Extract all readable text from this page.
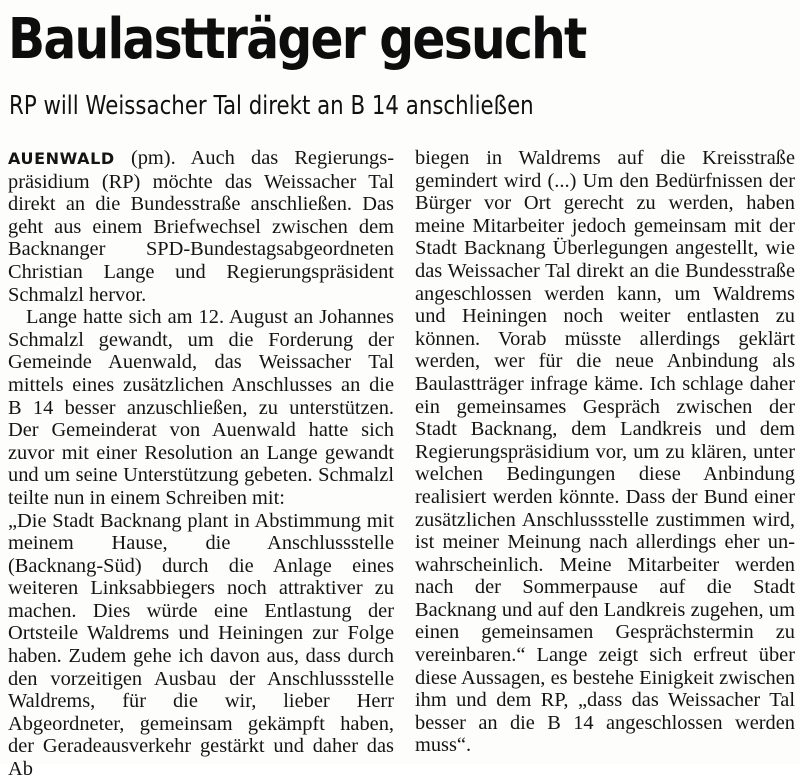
Baulastträger gesucht
RP will Weissacher Tal direkt an B 14 anschließen

AUENWALD (pm). Auch das Regierungspräsidium (RP) möchte das Weissacher Tal direkt an die Bundesstraße anschließen. Das geht aus einem Briefwechsel zwischen dem Backnanger SPD-Bundestagsabgeordneten Christian Lange und Regierungspräsident Schmalzl hervor.

Lange hatte sich am 12. August an Johannes Schmalzl gewandt, um die Forderung der Gemeinde Auenwald, das Weissacher Tal mittels eines zusätzlichen Anschlusses an die B 14 besser anzuschließen, zu unterstützen. Der Gemeinderat von Auenwald hatte sich zuvor mit einer Resolution an Lange gewandt und um seine Unterstützung gebeten. Schmalzl teilte nun in einem Schreiben mit:

„Die Stadt Backnang plant in Abstimmung mit meinem Hause, die Anschlussstelle (Backnang-Süd) durch die Anlage eines weiteren Linksabbiegers noch attraktiver zu machen. Dies würde eine Entlastung der Ortsteile Waldrems und Heiningen zur Folge haben. Zudem gehe ich davon aus, dass durch den vorzeitigen Ausbau der Anschlussstelle Waldrems, für die wir, lieber Herr Abgeordneter, gemeinsam gekämpft haben, der Geradeausverkehr gestärkt und daher das Ab

biegen in Waldrems auf die Kreisstraße gemindert wird (...) Um den Bedürfnissen der Bürger vor Ort gerecht zu werden, haben meine Mitarbeiter jedoch gemeinsam mit der Stadt Backnang Überlegungen angestellt, wie das Weissacher Tal direkt an die Bundesstraße angeschlossen werden kann, um Waldrems und Heiningen noch weiter entlasten zu können. Vorab müsste allerdings geklärt werden, wer für die neue Anbindung als Baulastträger infrage käme. Ich schlage daher ein gemeinsames Gespräch zwischen der Stadt Backnang, dem Landkreis und dem Regierungspräsidium vor, um zu klären, unter welchen Bedingungen diese Anbindung realisiert werden könnte. Dass der Bund einer zusätzlichen Anschlussstelle zustimmen wird, ist meiner Meinung nach allerdings eher unwahrscheinlich. Meine Mitarbeiter werden nach der Sommerpause auf die Stadt Backnang und auf den Landkreis zugehen, um einen gemeinsamen Gesprächstermin zu vereinbaren.“ Lange zeigt sich erfreut über diese Aussagen, es bestehe Einigkeit zwischen ihm und dem RP, „dass das Weissacher Tal besser an die B 14 angeschlossen werden muss“.
